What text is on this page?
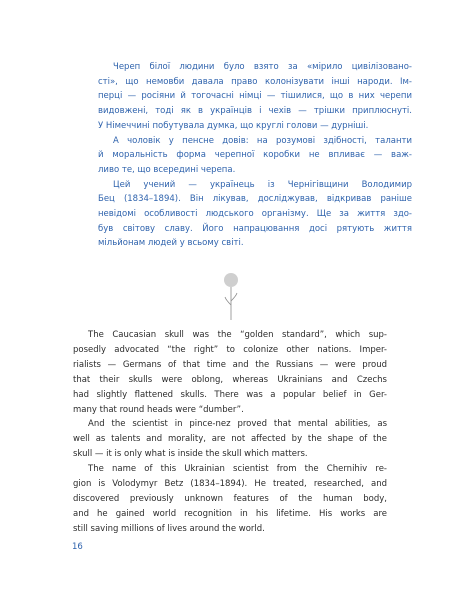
Череп білої людини було взято за «мірило цивілізовано-
сті», що немовби давала право колонізувати інші народи. Ім-
перці — росіяни й тогочасні німці — тішилися, що в них черепи
видовжені, тоді як в українців і чехів — трішки приплюснуті.
У Німеччині побутувала думка, що круглі голови — дурніші.
А чоловік у пенсне довів: на розумові здібності, таланти
й моральність форма черепної коробки не впливає — важ-
ливо те, що всередині черепа.
Цей учений — українець із Чернігівщини Володимир
Бец (1834–1894). Він лікував, досліджував, відкривав раніше
невідомі особливості людського організму. Ще за життя здо-
був світову славу. Його напрацювання досі рятують життя
мільйонам людей у всьому світі.
The Caucasian skull was the “golden standard”, which sup-
posedly advocated “the right” to colonize other nations. Imper-
rialists — Germans of that time and the Russians — were proud
that their skulls were oblong, whereas Ukrainians and Czechs
had slightly flattened skulls. There was a popular belief in Ger-
many that round heads were “dumber”.
And the scientist in pince-nez proved that mental abilities, as
well as talents and morality, are not affected by the shape of the
skull — it is only what is inside the skull which matters.
The name of this Ukrainian scientist from the Chernihiv re-
gion is Volodymyr Betz (1834–1894). He treated, researched, and
discovered previously unknown features of the human body,
and he gained world recognition in his lifetime. His works are
still saving millions of lives around the world.
16
